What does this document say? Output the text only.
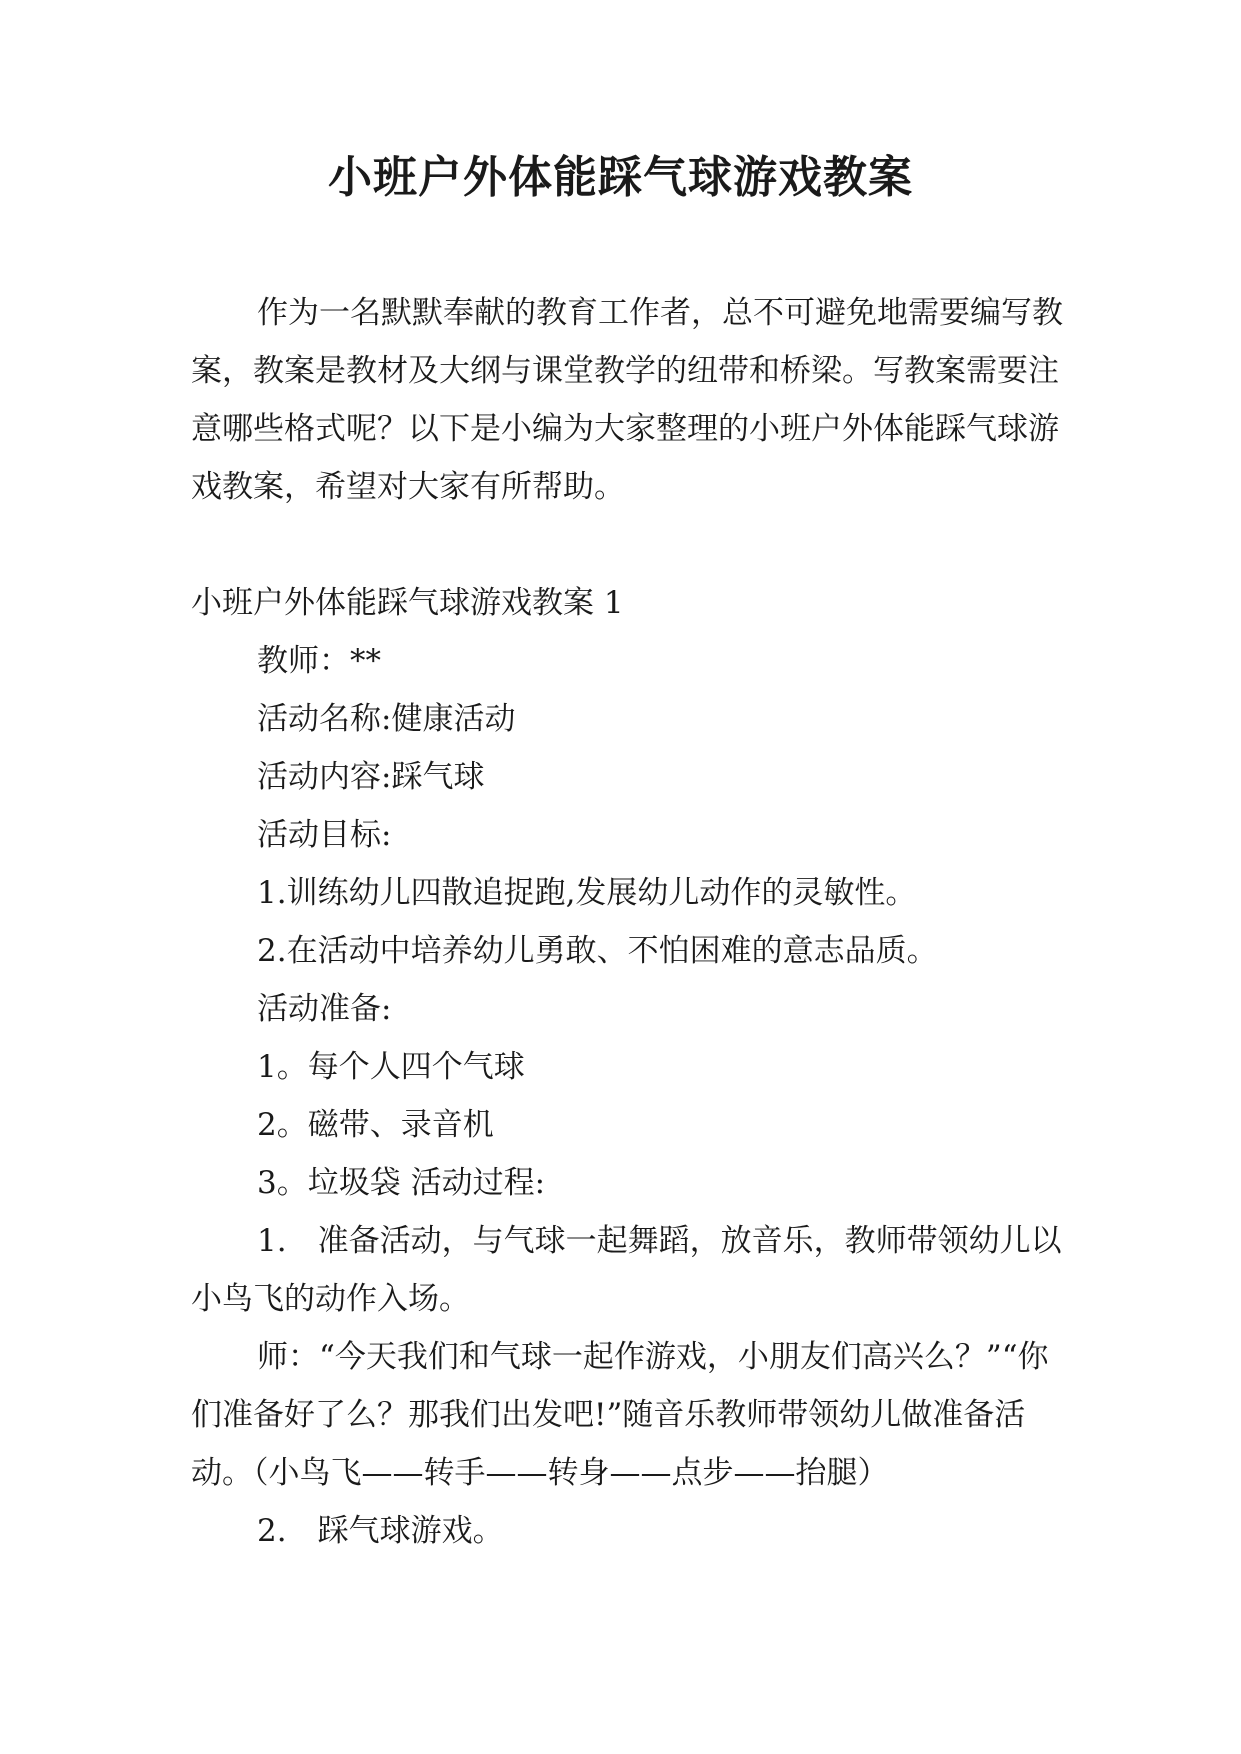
小班户外体能踩气球游戏教案

作为一名默默奉献的教育工作者，总不可避免地需要编写教案，教案是教材及大纲与课堂教学的纽带和桥梁。写教案需要注意哪些格式呢？以下是小编为大家整理的小班户外体能踩气球游戏教案，希望对大家有所帮助。

小班户外体能踩气球游戏教案 1

教师：**

活动名称:健康活动

活动内容:踩气球

活动目标:

1.训练幼儿四散追捉跑,发展幼儿动作的灵敏性。

2.在活动中培养幼儿勇敢、不怕困难的意志品质。

活动准备:

1。每个人四个气球

2。磁带、录音机

3。垃圾袋 活动过程:

1.　准备活动，与气球一起舞蹈，放音乐，教师带领幼儿以小鸟飞的动作入场。

师：“今天我们和气球一起作游戏，小朋友们高兴么？”“你们准备好了么？那我们出发吧!”随音乐教师带领幼儿做准备活动。（小鸟飞——转手——转身——点步——抬腿）

2.　踩气球游戏。
